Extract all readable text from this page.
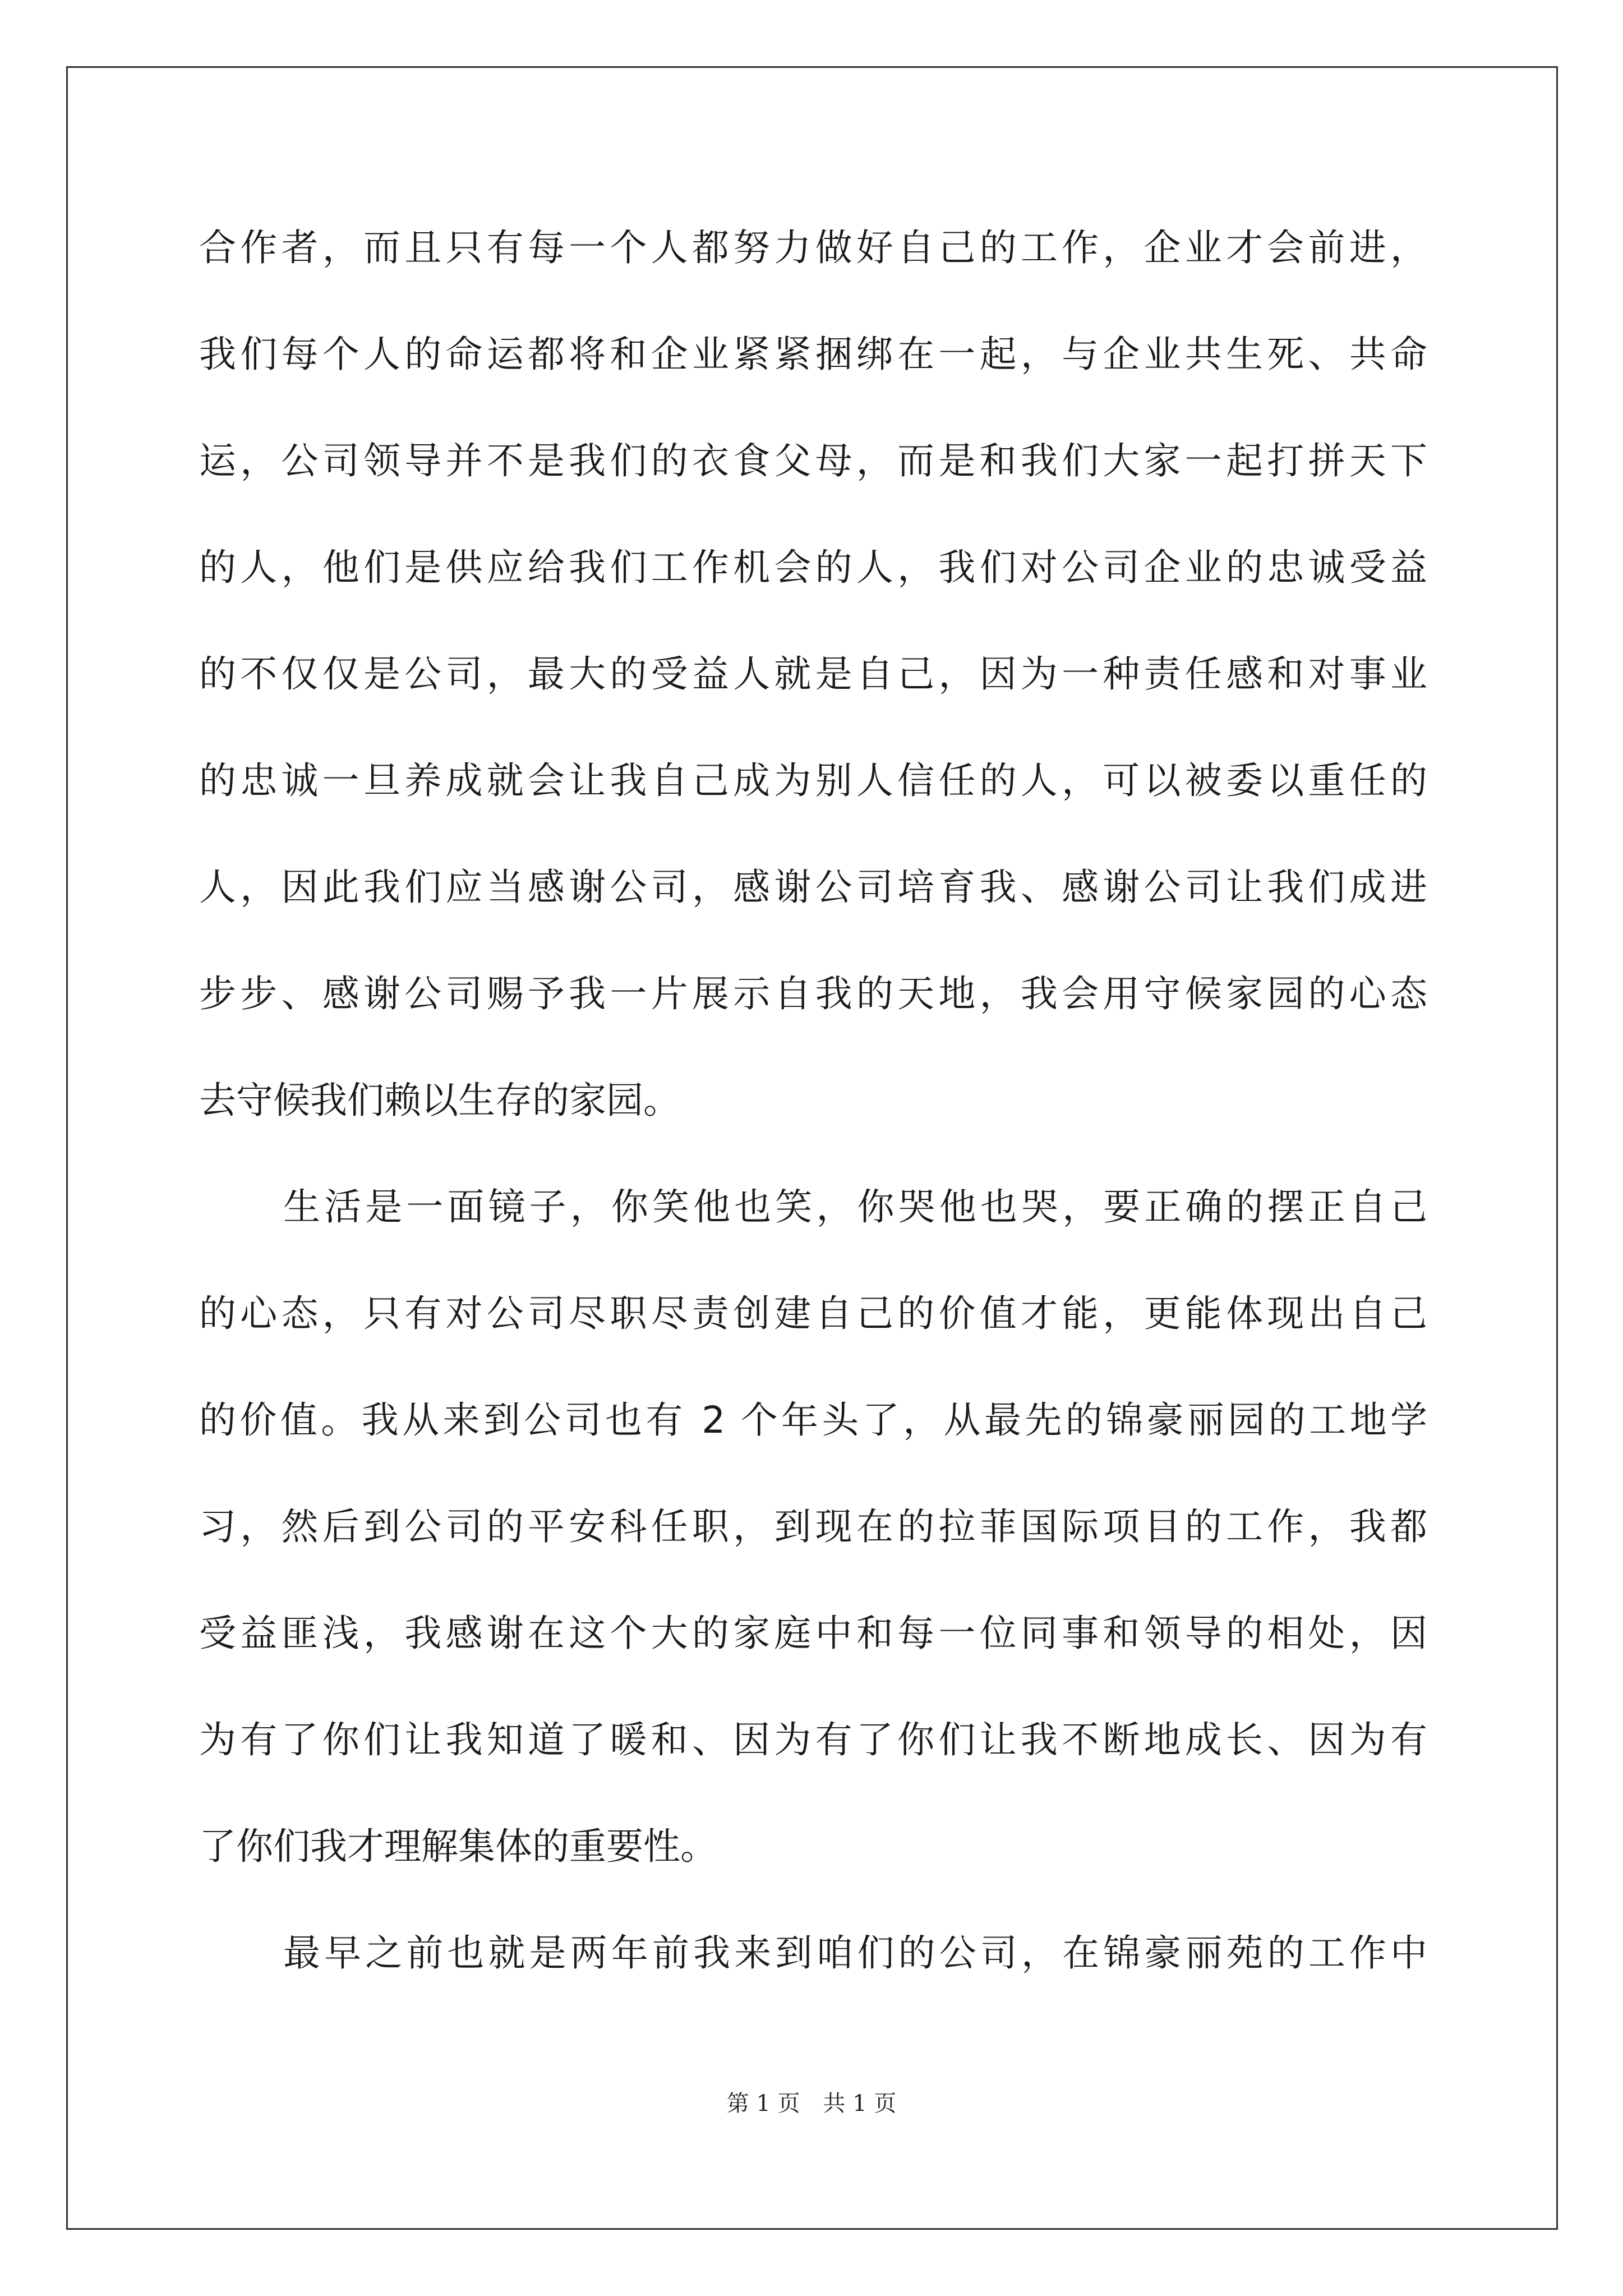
合作者，而且只有每一个人都努力做好自己的工作，企业才会前进，
我们每个人的命运都将和企业紧紧捆绑在一起，与企业共生死、共命
运，公司领导并不是我们的衣食父母，而是和我们大家一起打拼天下
的人，他们是供应给我们工作机会的人，我们对公司企业的忠诚受益
的不仅仅是公司，最大的受益人就是自己，因为一种责任感和对事业
的忠诚一旦养成就会让我自己成为别人信任的人，可以被委以重任的
人，因此我们应当感谢公司，感谢公司培育我、感谢公司让我们成进
步步、感谢公司赐予我一片展示自我的天地，我会用守候家园的心态
去守候我们赖以生存的家园。
生活是一面镜子，你笑他也笑，你哭他也哭，要正确的摆正自己
的心态，只有对公司尽职尽责创建自己的价值才能，更能体现出自己
的价值。我从来到公司也有 2 个年头了，从最先的锦豪丽园的工地学
习，然后到公司的平安科任职，到现在的拉菲国际项目的工作，我都
受益匪浅，我感谢在这个大的家庭中和每一位同事和领导的相处，因
为有了你们让我知道了暖和、因为有了你们让我不断地成长、因为有
了你们我才理解集体的重要性。
最早之前也就是两年前我来到咱们的公司，在锦豪丽苑的工作中
第 1 页 共 1 页
